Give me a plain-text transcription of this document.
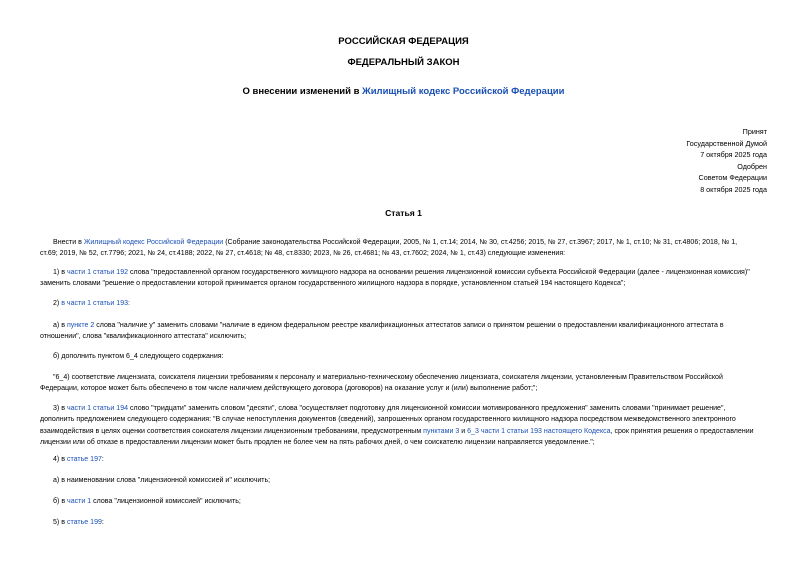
РОССИЙСКАЯ ФЕДЕРАЦИЯ
ФЕДЕРАЛЬНЫЙ ЗАКОН
О внесении изменений в Жилищный кодекс Российской Федерации
Принят
Государственной Думой
7 октября 2025 года
Одобрен
Советом Федерации
8 октября 2025 года
Статья 1
Внести в Жилищный кодекс Российской Федерации (Собрание законодательства Российской Федерации, 2005, № 1, ст.14; 2014, № 30, ст.4256; 2015, № 27, ст.3967; 2017, № 1, ст.10; № 31, ст.4806; 2018, № 1,
ст.69; 2019, № 52, ст.7796; 2021, № 24, ст.4188; 2022, № 27, ст.4618; № 48, ст.8330; 2023, № 26, ст.4681; № 43, ст.7602; 2024, № 1, ст.43) следующие изменения:
1) в части 1 статьи 192 слова "предоставленной органом государственного жилищного надзора на основании решения лицензионной комиссии субъекта Российской Федерации (далее - лицензионная комиссия)"
заменить словами "решение о предоставлении которой принимается органом государственного жилищного надзора в порядке, установленном статьей 194 настоящего Кодекса";
2) в части 1 статьи 193:
а) в пункте 2 слова "наличие у" заменить словами "наличие в едином федеральном реестре квалификационных аттестатов записи о принятом решении о предоставлении квалификационного аттестата в
отношении", слова "квалификационного аттестата" исключить;
б) дополнить пунктом 6_4 следующего содержания:
"6_4) соответствие лицензиата, соискателя лицензии требованиям к персоналу и материально-техническому обеспечению лицензиата, соискателя лицензии, установленным Правительством Российской
Федерации, которое может быть обеспечено в том числе наличием действующего договора (договоров) на оказание услуг и (или) выполнение работ;";
3) в части 1 статьи 194 слово "тридцати" заменить словом "десяти", слова "осуществляет подготовку для лицензионной комиссии мотивированного предложения" заменить словами "принимает решение",
дополнить предложением следующего содержания: "В случае непоступления документов (сведений), запрошенных органом государственного жилищного надзора посредством межведомственного электронного
взаимодействия в целях оценки соответствия соискателя лицензии лицензионным требованиям, предусмотренным пунктами 3 и 6_3 части 1 статьи 193 настоящего Кодекса, срок принятия решения о предоставлении
лицензии или об отказе в предоставлении лицензии может быть продлен не более чем на пять рабочих дней, о чем соискателю лицензии направляется уведомление.";
4) в статье 197:
а) в наименовании слова "лицензионной комиссией и" исключить;
б) в части 1 слова "лицензионной комиссией" исключить;
5) в статье 199:
